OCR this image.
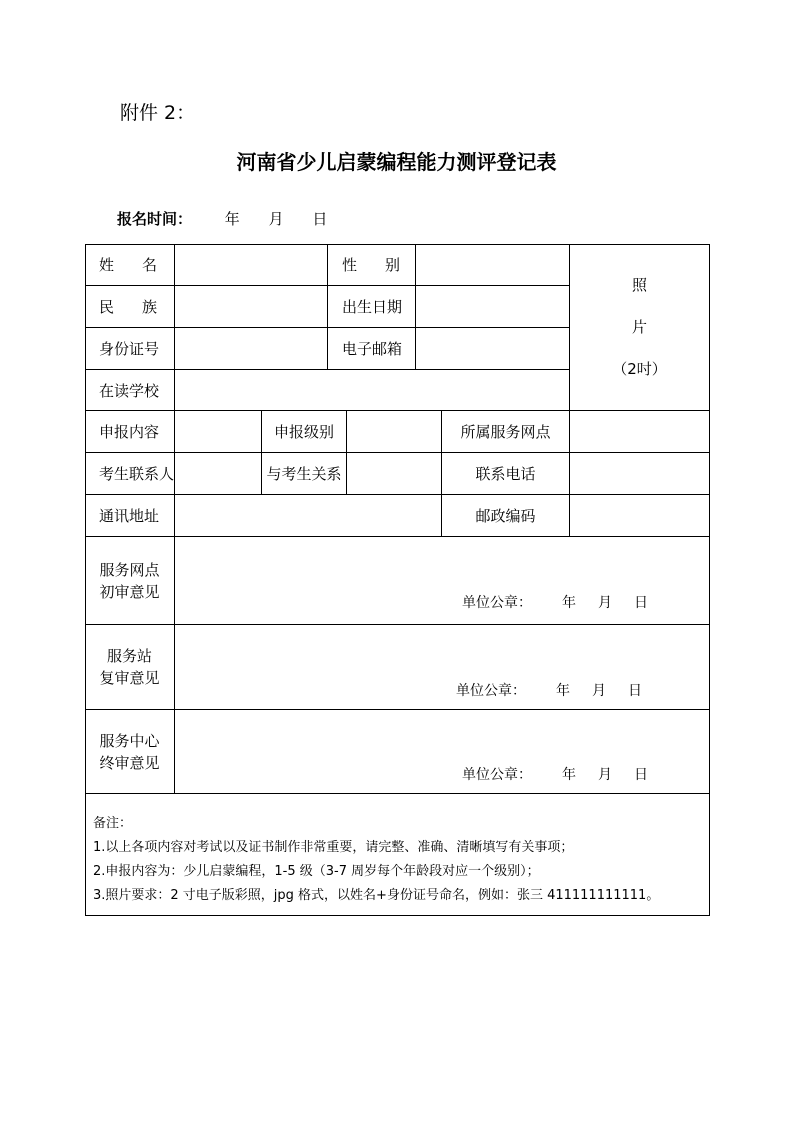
附件 2：
河南省少儿启蒙编程能力测评登记表
报名时间： 年 月 日
姓 名	性 别
照
片
（2吋）
民 族	出生日期
身份证号	电子邮箱
在读学校
申报内容	申报级别	所属服务网点
考生联系人	与考生关系	联系电话
通讯地址	邮政编码
服务网点
初审意见
单位公章： 年 月 日
服务站
复审意见
单位公章： 年 月 日
服务中心
终审意见
单位公章： 年 月 日
备注：
1.以上各项内容对考试以及证书制作非常重要，请完整、准确、清晰填写有关事项；
2.申报内容为：少儿启蒙编程，1-5 级（3-7 周岁每个年龄段对应一个级别）；
3.照片要求：2 寸电子版彩照，jpg 格式，以姓名+身份证号命名，例如：张三 411111111111。
